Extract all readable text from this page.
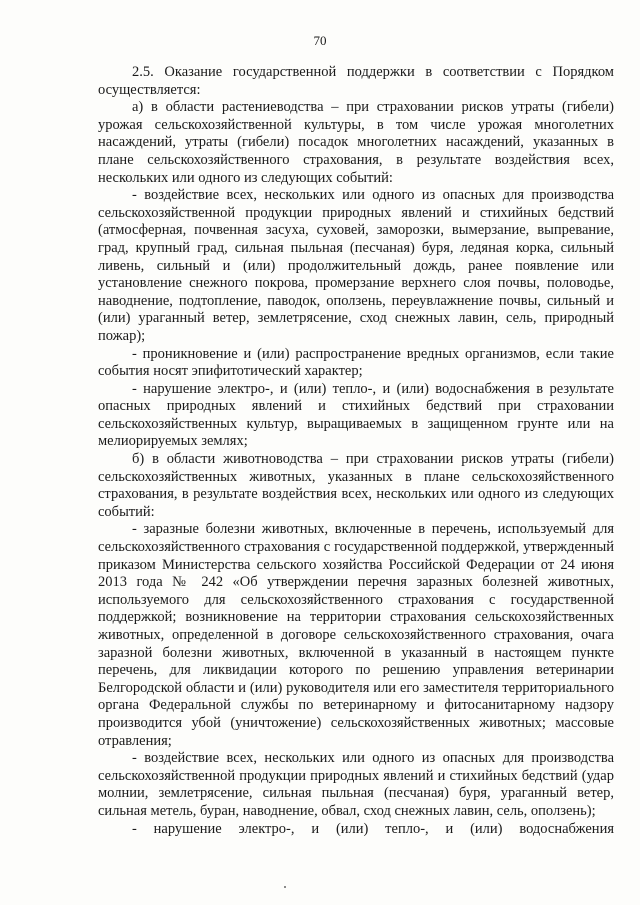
70

2.5. Оказание государственной поддержки в соответствии с Порядком осуществляется:

а) в области растениеводства – при страховании рисков утраты (гибели) урожая сельскохозяйственной культуры, в том числе урожая многолетних насаждений, утраты (гибели) посадок многолетних насаждений, указанных в плане сельскохозяйственного страхования, в результате воздействия всех, нескольких или одного из следующих событий:

- воздействие всех, нескольких или одного из опасных для производства сельскохозяйственной продукции природных явлений и стихийных бедствий (атмосферная, почвенная засуха, суховей, заморозки, вымерзание, выпревание, град, крупный град, сильная пыльная (песчаная) буря, ледяная корка, сильный ливень, сильный и (или) продолжительный дождь, ранее появление или установление снежного покрова, промерзание верхнего слоя почвы, половодье, наводнение, подтопление, паводок, оползень, переувлажнение почвы, сильный и (или) ураганный ветер, землетрясение, сход снежных лавин, сель, природный пожар);

- проникновение и (или) распространение вредных организмов, если такие события носят эпифитотический характер;

- нарушение электро-, и (или) тепло-, и (или) водоснабжения в результате опасных природных явлений и стихийных бедствий при страховании сельскохозяйственных культур, выращиваемых в защищенном грунте или на мелиорируемых землях;

б) в области животноводства – при страховании рисков утраты (гибели) сельскохозяйственных животных, указанных в плане сельскохозяйственного страхования, в результате воздействия всех, нескольких или одного из следующих событий:

- заразные болезни животных, включенные в перечень, используемый для сельскохозяйственного страхования с государственной поддержкой, утвержденный приказом Министерства сельского хозяйства Российской Федерации от 24 июня 2013 года № 242 «Об утверждении перечня заразных болезней животных, используемого для сельскохозяйственного страхования с государственной поддержкой; возникновение на территории страхования сельскохозяйственных животных, определенной в договоре сельскохозяйственного страхования, очага заразной болезни животных, включенной в указанный в настоящем пункте перечень, для ликвидации которого по решению управления ветеринарии Белгородской области и (или) руководителя или его заместителя территориального органа Федеральной службы по ветеринарному и фитосанитарному надзору производится убой (уничтожение) сельскохозяйственных животных; массовые отравления;

- воздействие всех, нескольких или одного из опасных для производства сельскохозяйственной продукции природных явлений и стихийных бедствий (удар молнии, землетрясение, сильная пыльная (песчаная) буря, ураганный ветер, сильная метель, буран, наводнение, обвал, сход снежных лавин, сель, оползень);

- нарушение электро-, и (или) тепло-, и (или) водоснабжения
